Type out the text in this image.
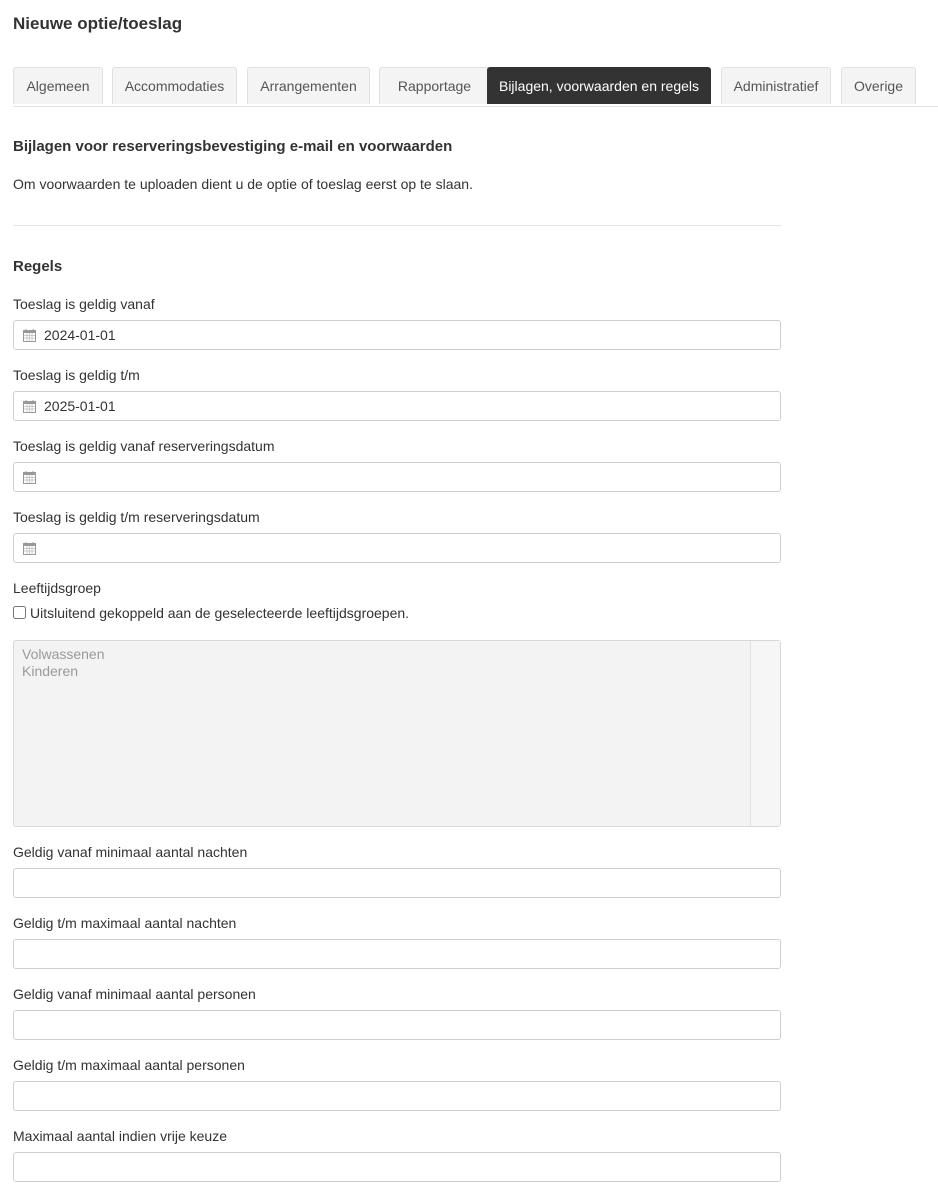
Nieuwe optie/toeslag
Algemeen	Accommodaties	Arrangementen	Rapportage	Bijlagen, voorwaarden en regels	Administratief	Overige
Bijlagen voor reserveringsbevestiging e-mail en voorwaarden

Om voorwaarden te uploaden dient u de optie of toeslag eerst op te slaan.

Regels
Toeslag is geldig vanaf
2024-01-01
Toeslag is geldig t/m
2025-01-01
Toeslag is geldig vanaf reserveringsdatum
Toeslag is geldig t/m reserveringsdatum
Leeftijdsgroep
Uitsluitend gekoppeld aan de geselecteerde leeftijdsgroepen.
Volwassenen
Kinderen
Geldig vanaf minimaal aantal nachten
Geldig t/m maximaal aantal nachten
Geldig vanaf minimaal aantal personen
Geldig t/m maximaal aantal personen
Maximaal aantal indien vrije keuze
